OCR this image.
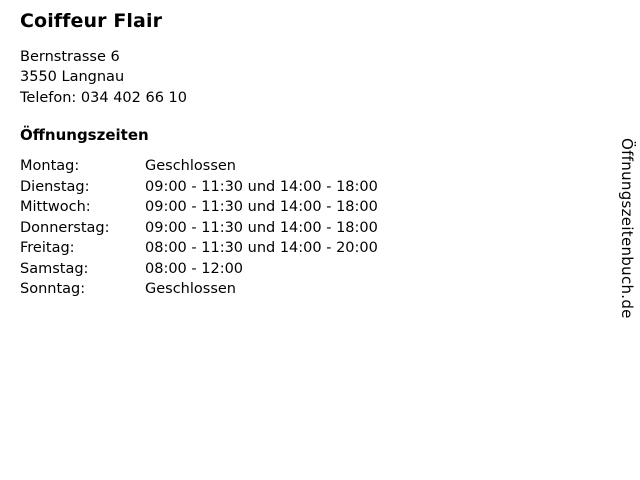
Coiffeur Flair
Bernstrasse 6
3550 Langnau
Telefon: 034 402 66 10
Öffnungszeiten
Montag:	Geschlossen
Dienstag:	09:00 - 11:30 und 14:00 - 18:00
Mittwoch:	09:00 - 11:30 und 14:00 - 18:00
Donnerstag:	09:00 - 11:30 und 14:00 - 18:00
Freitag:	08:00 - 11:30 und 14:00 - 20:00
Samstag:	08:00 - 12:00
Sonntag:	Geschlossen	Öffnungszeitenbuch.de
